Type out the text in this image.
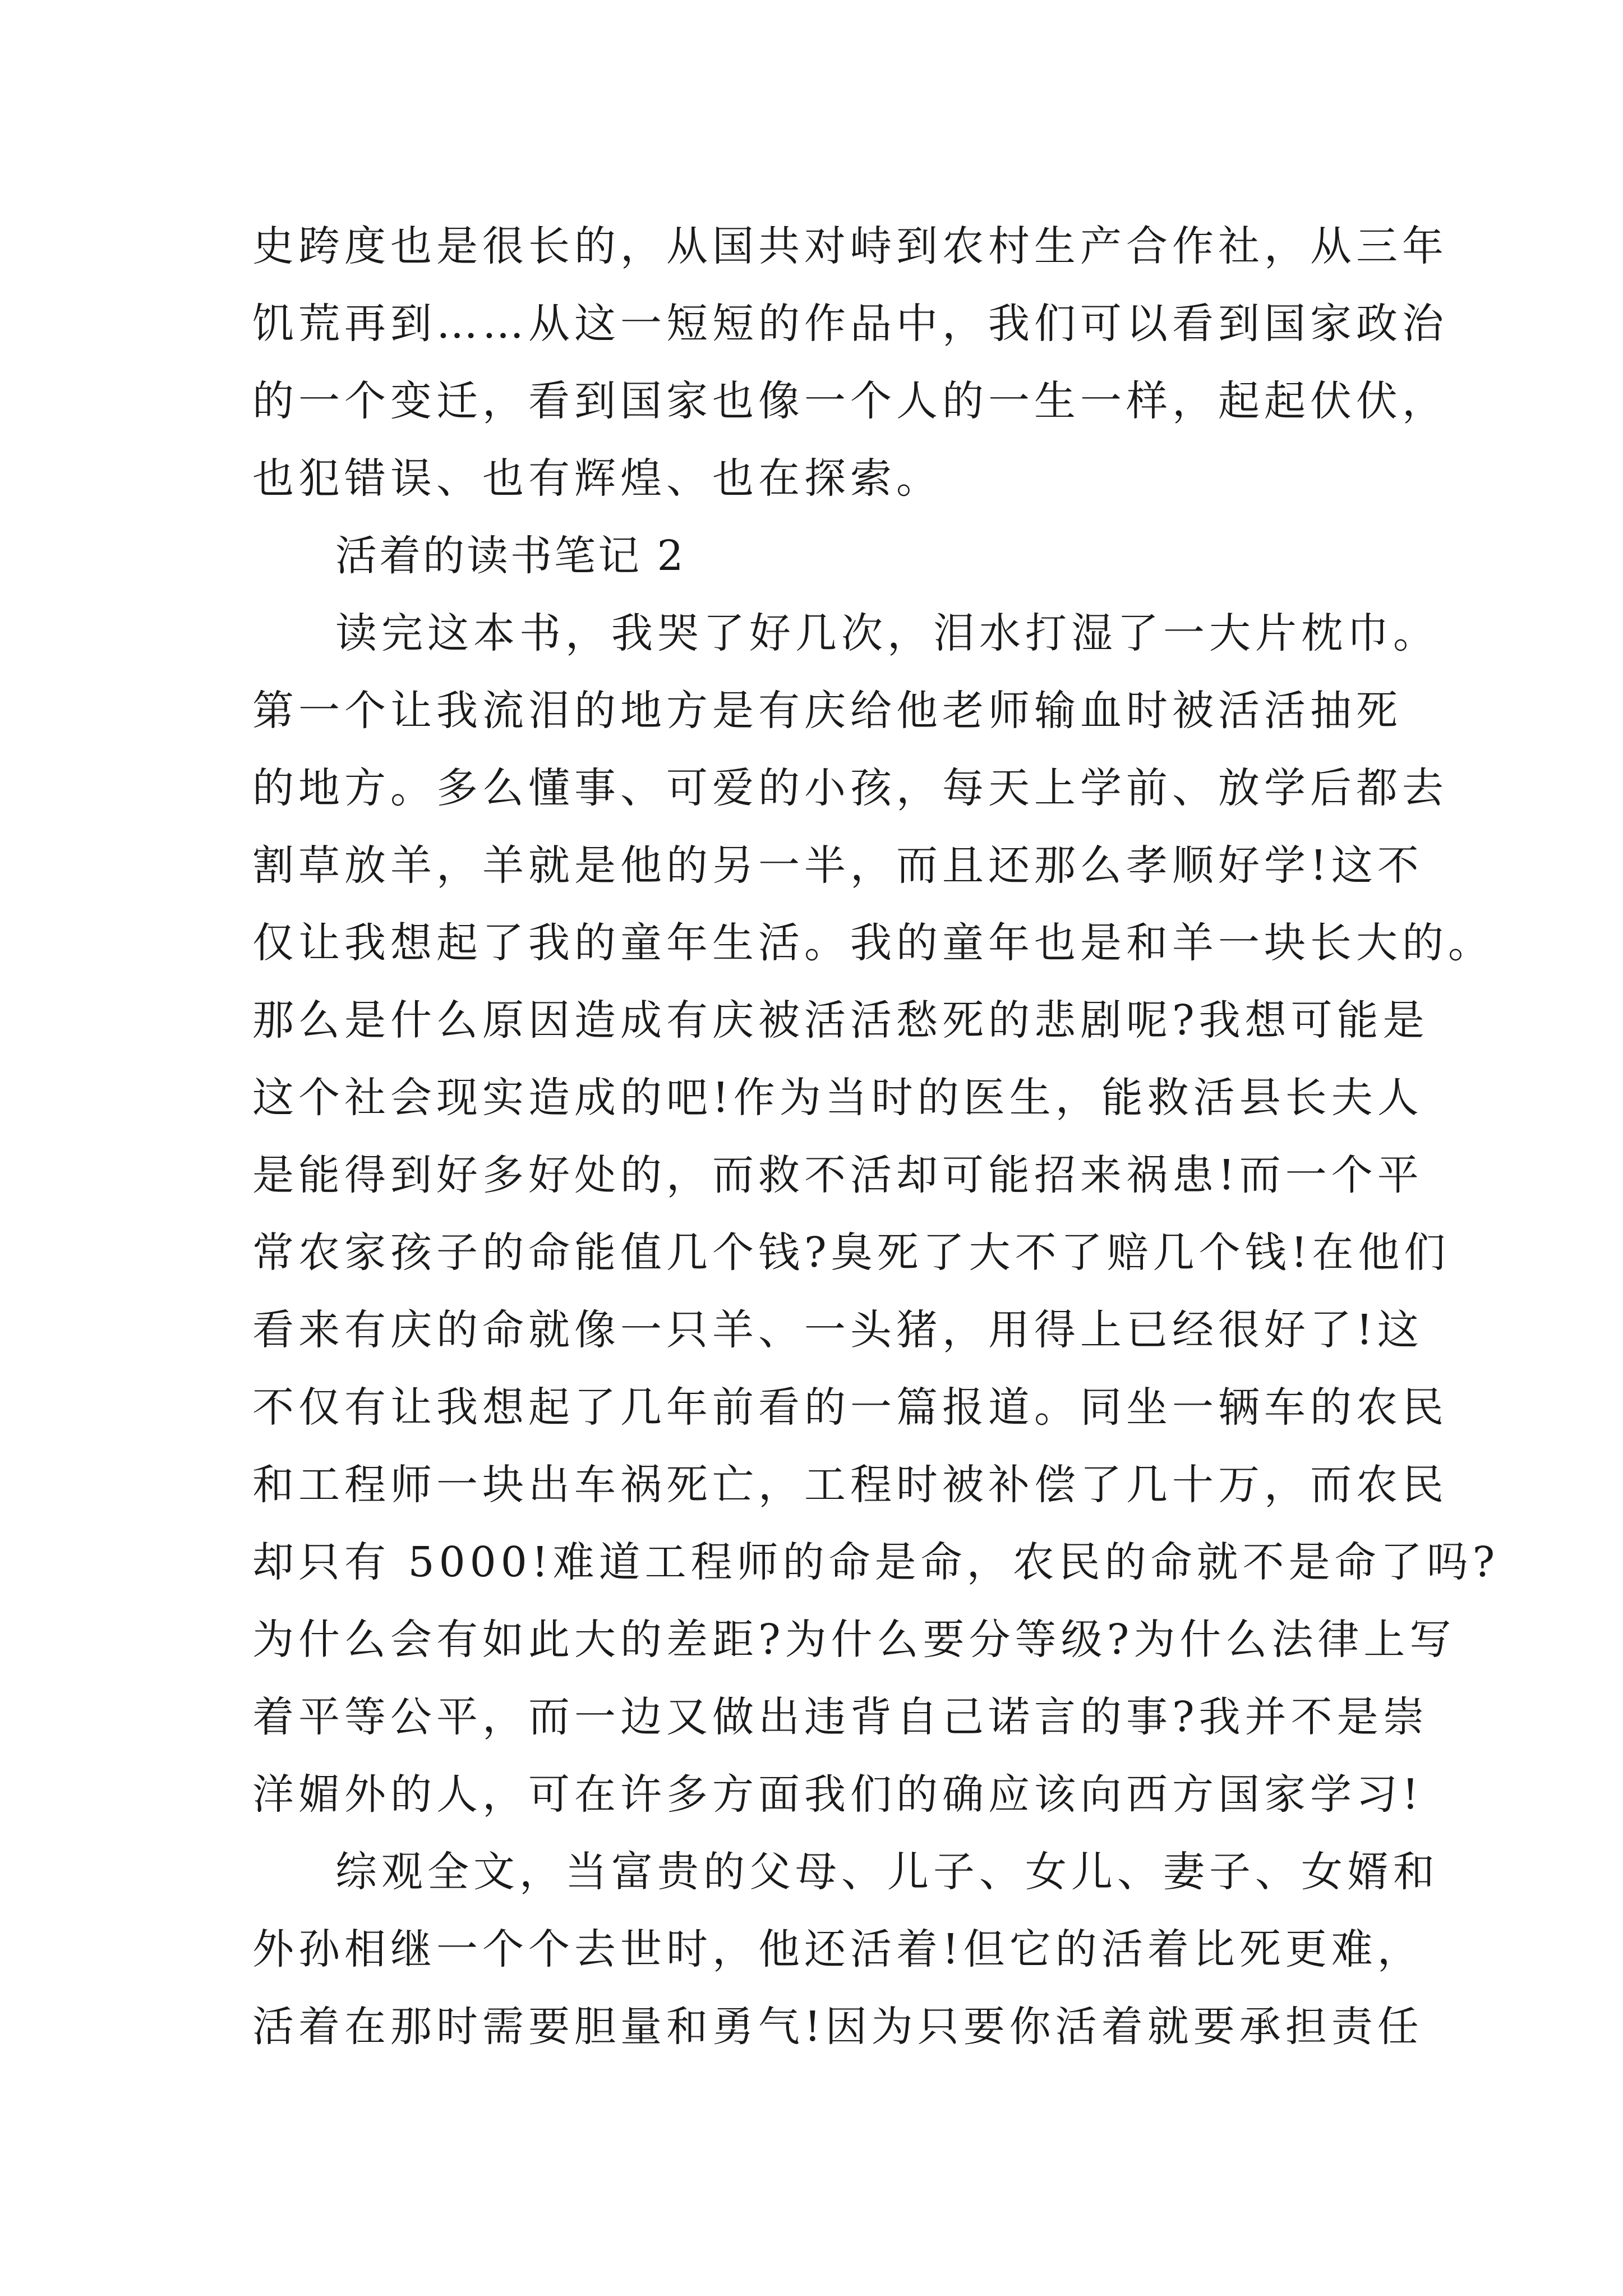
史跨度也是很长的，从国共对峙到农村生产合作社，从三年
饥荒再到……从这一短短的作品中，我们可以看到国家政治
的一个变迁，看到国家也像一个人的一生一样，起起伏伏，
也犯错误、也有辉煌、也在探索。
活着的读书笔记 2
读完这本书，我哭了好几次，泪水打湿了一大片枕巾。
第一个让我流泪的地方是有庆给他老师输血时被活活抽死
的地方。多么懂事、可爱的小孩，每天上学前、放学后都去
割草放羊，羊就是他的另一半，而且还那么孝顺好学!这不
仅让我想起了我的童年生活。我的童年也是和羊一块长大的。
那么是什么原因造成有庆被活活愁死的悲剧呢?我想可能是
这个社会现实造成的吧!作为当时的医生，能救活县长夫人
是能得到好多好处的，而救不活却可能招来祸患!而一个平
常农家孩子的命能值几个钱?臭死了大不了赔几个钱!在他们
看来有庆的命就像一只羊、一头猪，用得上已经很好了!这
不仅有让我想起了几年前看的一篇报道。同坐一辆车的农民
和工程师一块出车祸死亡，工程时被补偿了几十万，而农民
却只有 5000!难道工程师的命是命，农民的命就不是命了吗?
为什么会有如此大的差距?为什么要分等级?为什么法律上写
着平等公平，而一边又做出违背自己诺言的事?我并不是崇
洋媚外的人，可在许多方面我们的确应该向西方国家学习!
综观全文，当富贵的父母、儿子、女儿、妻子、女婿和
外孙相继一个个去世时，他还活着!但它的活着比死更难，
活着在那时需要胆量和勇气!因为只要你活着就要承担责任
